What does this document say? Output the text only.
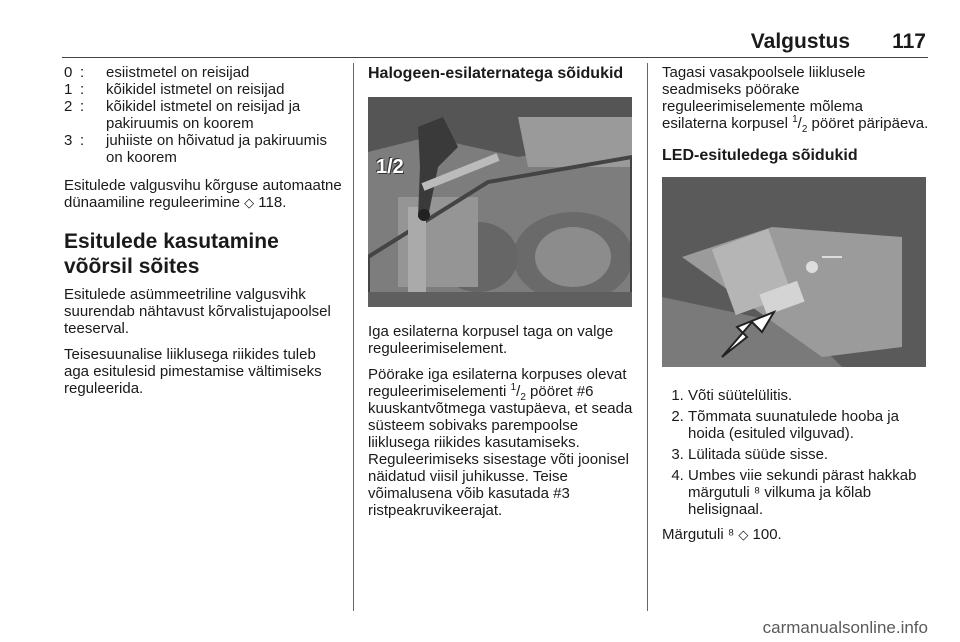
Valgustus 117
0 : esiistmetel on reisijad
1 : kõikidel istmetel on reisijad
2 : kõikidel istmetel on reisijad ja pakiruumis on koorem
3 : juhiiste on hõivatud ja pakiruumis on koorem

Esitulede valgusvihu kõrguse automaatne dünaamiline reguleerimine ◇ 118.

Esitulede kasutamine võõrsil sõites

Esitulede asümmeetriline valgusvihk suurendab nähtavust kõrvalistujapoolsel teeserval.

Teisesuunalise liiklusega riikides tuleb aga esitulesid pimestamise vältimiseks reguleerida.

Halogeen-esilaternatega sõidukid
1/2

Iga esilaterna korpusel taga on valge reguleerimiselement.

Pöörake iga esilaterna korpuses olevat reguleerimiselementi $^1/_2$ pööret #6 kuuskantvõtmega vastupäeva, et seada süsteem sobivaks parempoolse liiklusega riikides kasutamiseks. Reguleerimiseks sisestage võti joonisel näidatud viisil juhikusse. Teise võimalusena võib kasutada #3 ristpeakruvikeerajat.

Tagasi vasakpoolsele liiklusele seadmiseks pöörake reguleerimiselemente mõlema esilaterna korpusel $^1/_2$ pööret päripäeva.

LED-esituledega sõidukid
1. Võti süütelülitis.
2. Tõmmata suunatulede hooba ja hoida (esituled vilguvad).
3. Lülitada süüde sisse.
4. Umbes viie sekundi pärast hakkab märgutuli ⁸ vilkuma ja kõlab helisignaal.

Märgutuli ⁸ ◇ 100.

carmanualsonline.info
